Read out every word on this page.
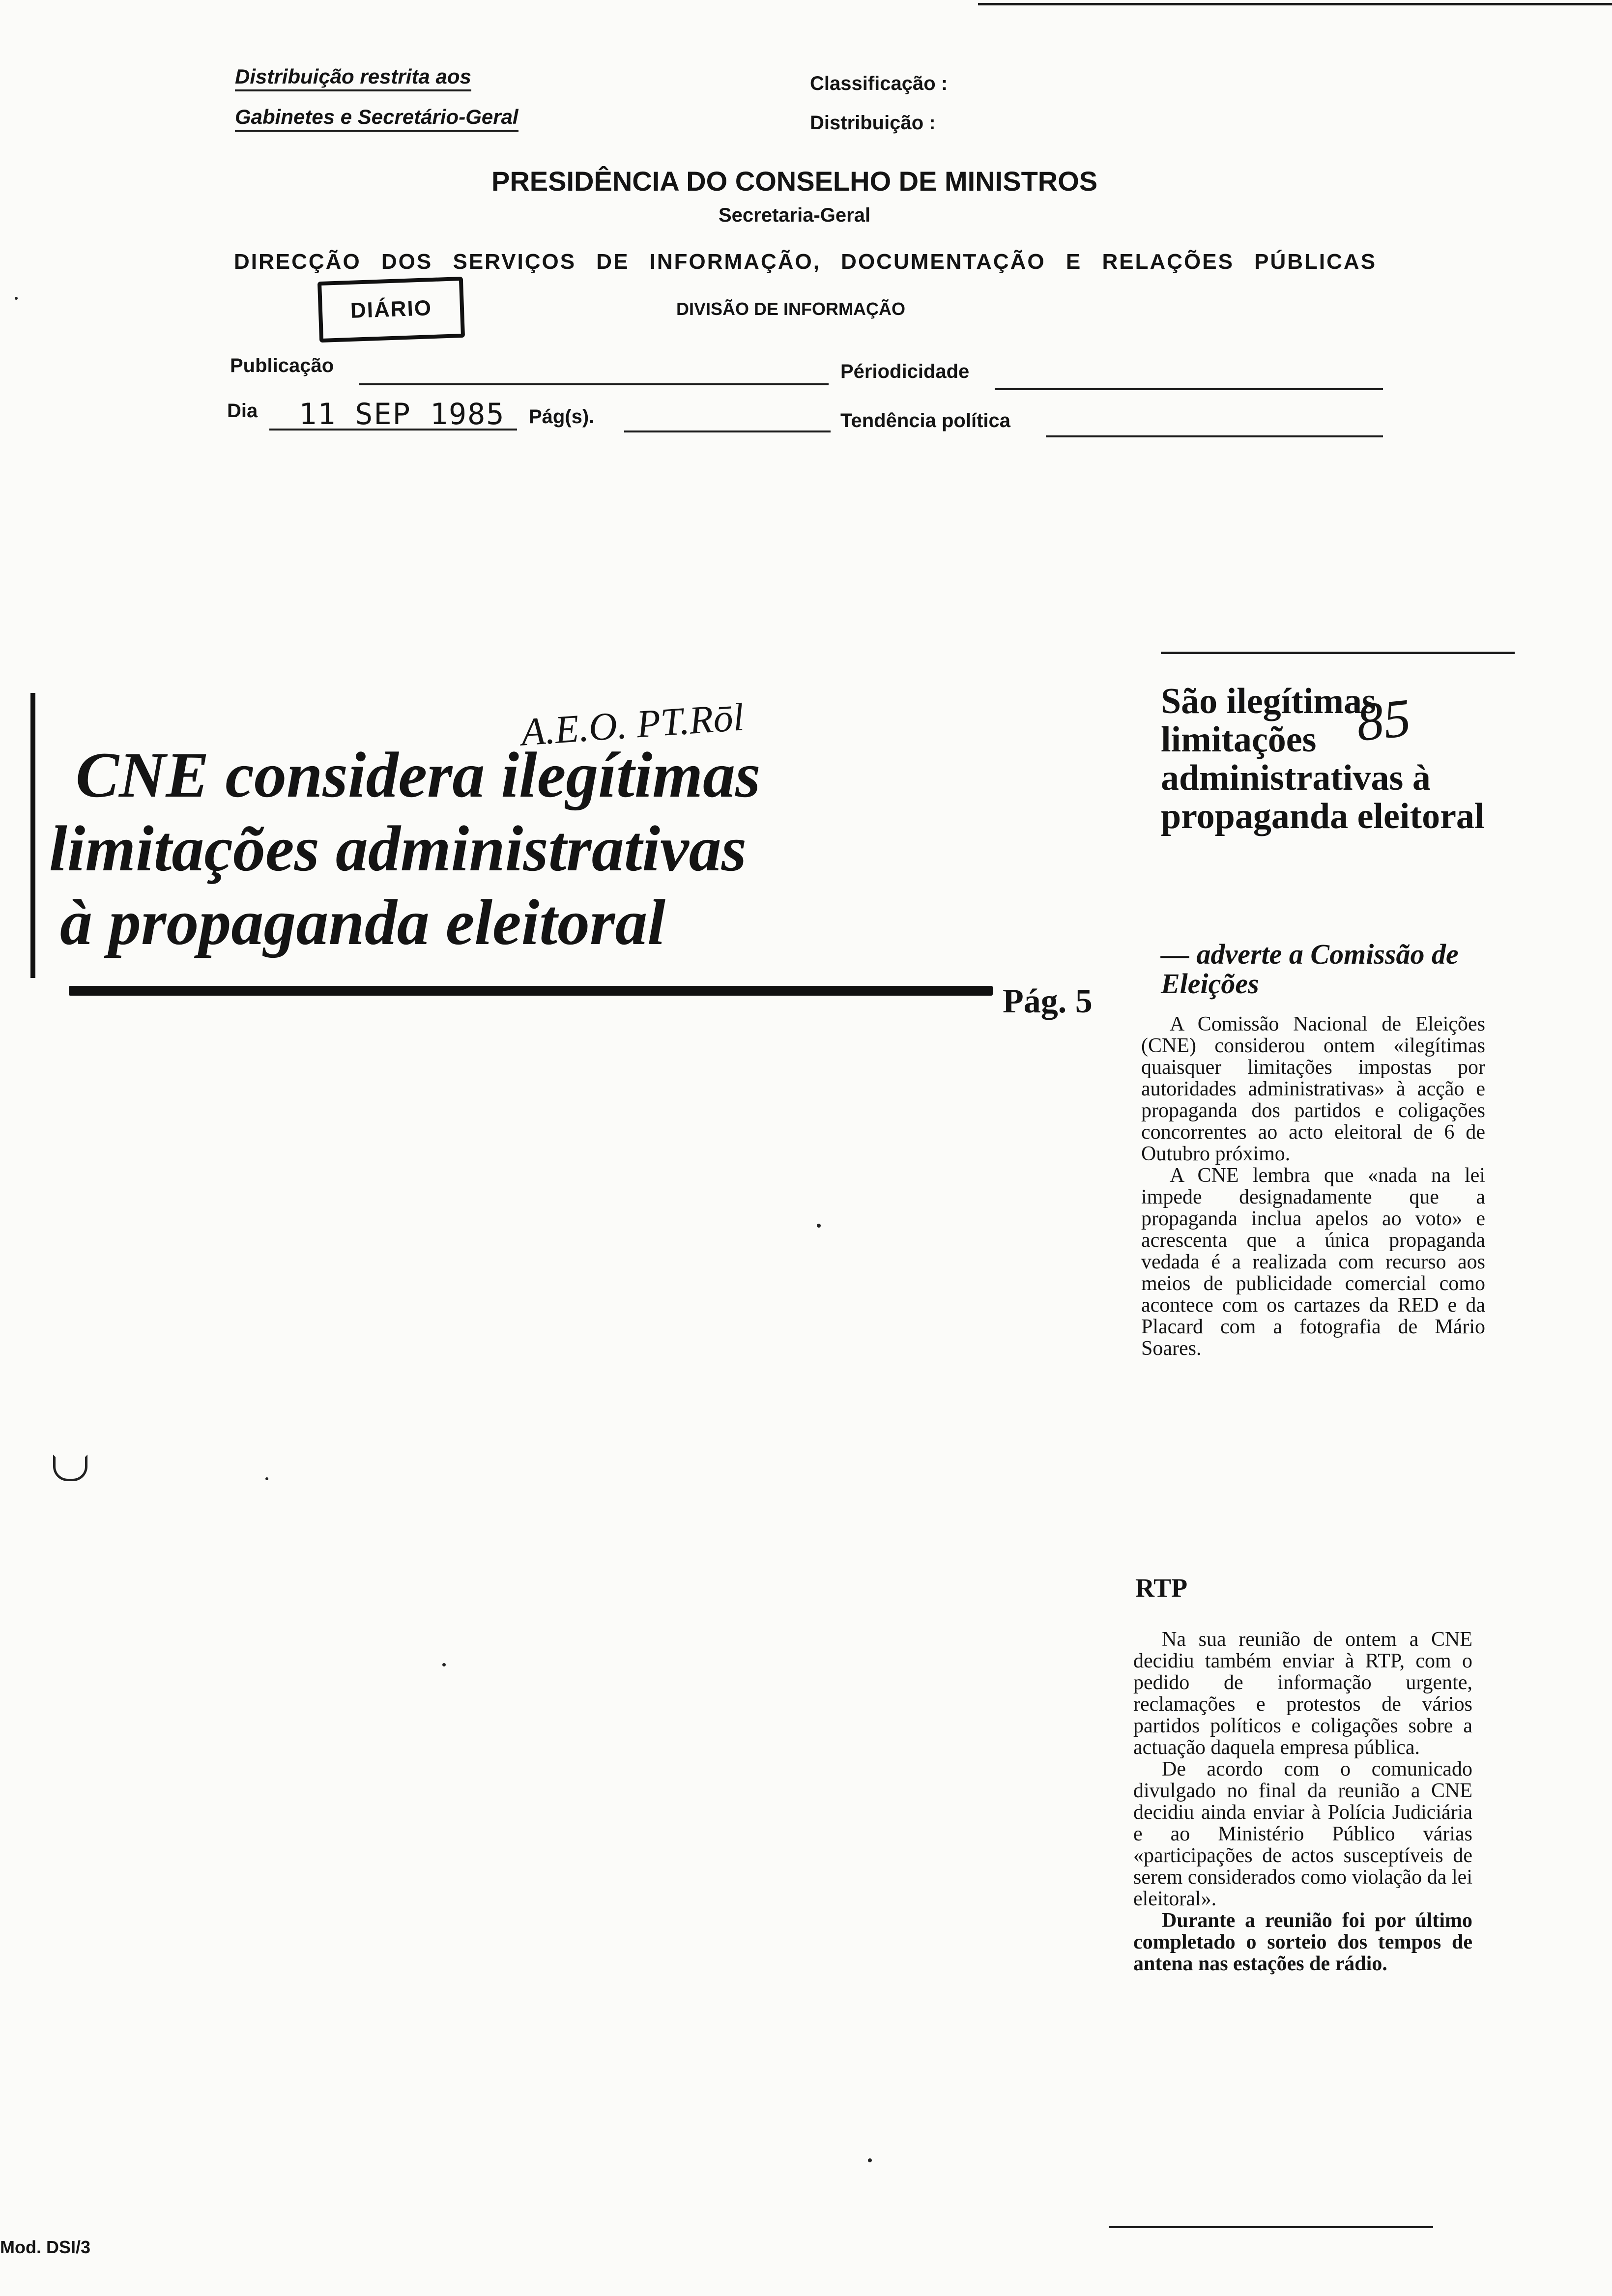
Distribuição restrita aos
Gabinetes e Secretário-Geral
Classificação :
Distribuição :
PRESIDÊNCIA DO CONSELHO DE MINISTROS
Secretaria-Geral
DIRECÇÃO DOS SERVIÇOS DE INFORMAÇÃO, DOCUMENTAÇÃO E RELAÇÕES PÚBLICAS
DIÁRIO	DIVISÃO DE INFORMAÇÃO
Publicação	Périodicidade
Dia 11 SEP 1985 Pág(s).	Tendência política
A.E.O. PT.Rōl
CNE considera ilegítimas
limitações administrativas
à propaganda eleitoral
Pág. 5
85
São ilegítimas limitações administrativas à propaganda eleitoral
— adverte a Comissão de Eleições

A Comissão Nacional de Eleições (CNE) considerou ontem «ilegítimas quaisquer limitações impostas por autoridades administrativas» à acção e propaganda dos partidos e coligações concorrentes ao acto eleitoral de 6 de Outubro próximo.

A CNE lembra que «nada na lei impede designadamente que a propaganda inclua apelos ao voto» e acrescenta que a única propaganda vedada é a realizada com recurso aos meios de publicidade comercial como acontece com os cartazes da RED e da Placard com a fotografia de Mário Soares.

RTP

Na sua reunião de ontem a CNE decidiu também enviar à RTP, com o pedido de informação urgente, reclamações e protestos de vários partidos políticos e coligações sobre a actuação daquela empresa pública.

De acordo com o comunicado divulgado no final da reunião a CNE decidiu ainda enviar à Polícia Judiciária e ao Ministério Público várias «participações de actos susceptíveis de serem considerados como violação da lei eleitoral».

Durante a reunião foi por último completado o sorteio dos tempos de antena nas estações de rádio.

Mod. DSI/3
